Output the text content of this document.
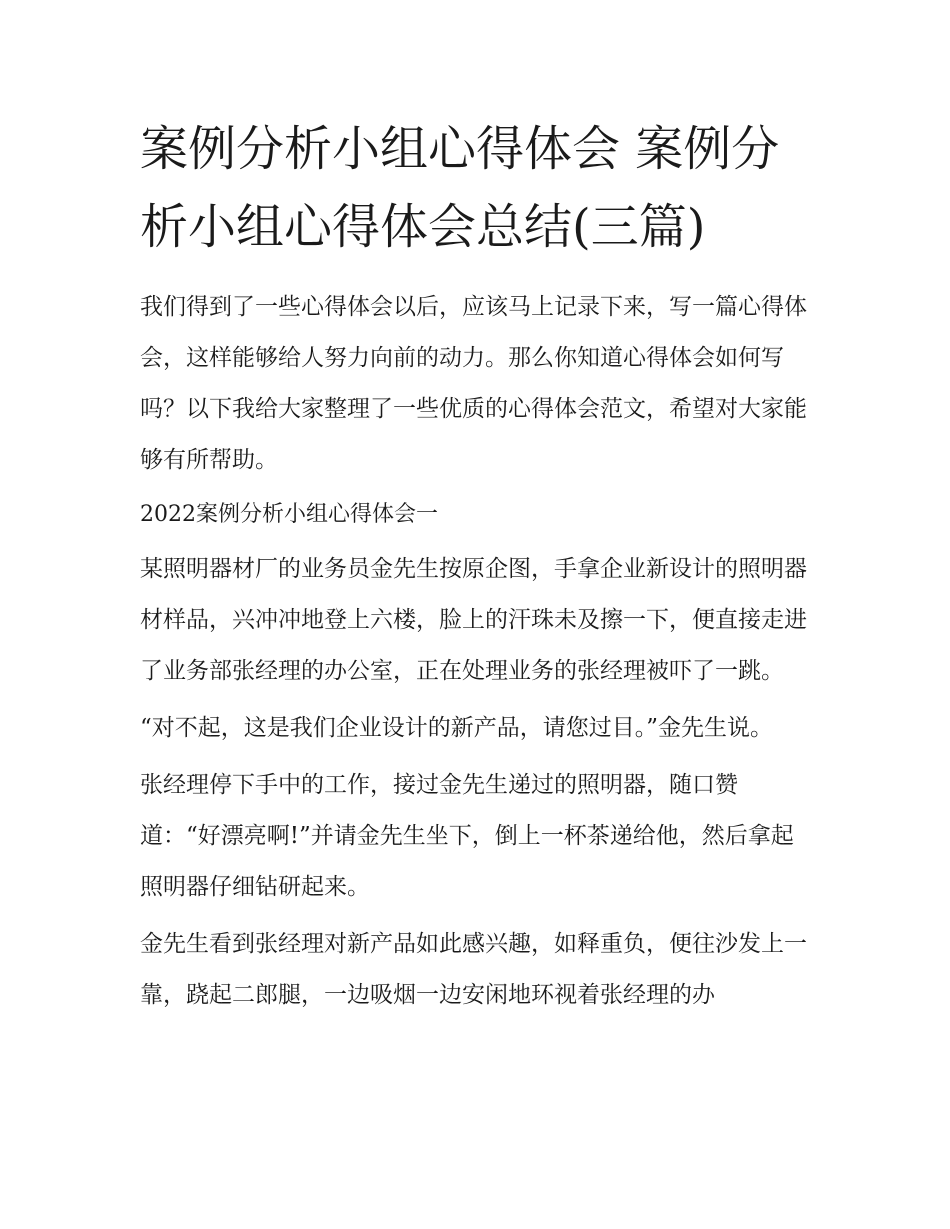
案例分析小组心得体会 案例分析小组心得体会总结(三篇)

我们得到了一些心得体会以后，应该马上记录下来，写一篇心得体会，这样能够给人努力向前的动力。那么你知道心得体会如何写吗？以下我给大家整理了一些优质的心得体会范文，希望对大家能够有所帮助。

2022案例分析小组心得体会一

某照明器材厂的业务员金先生按原企图，手拿企业新设计的照明器材样品，兴冲冲地登上六楼，脸上的汗珠未及擦一下，便直接走进了业务部张经理的办公室，正在处理业务的张经理被吓了一跳。

“对不起，这是我们企业设计的新产品，请您过目。”金先生说。

张经理停下手中的工作，接过金先生递过的照明器，随口赞道：“好漂亮啊!”并请金先生坐下，倒上一杯茶递给他，然后拿起照明器仔细钻研起来。

金先生看到张经理对新产品如此感兴趣，如释重负，便往沙发上一靠，跷起二郎腿，一边吸烟一边安闲地环视着张经理的办
